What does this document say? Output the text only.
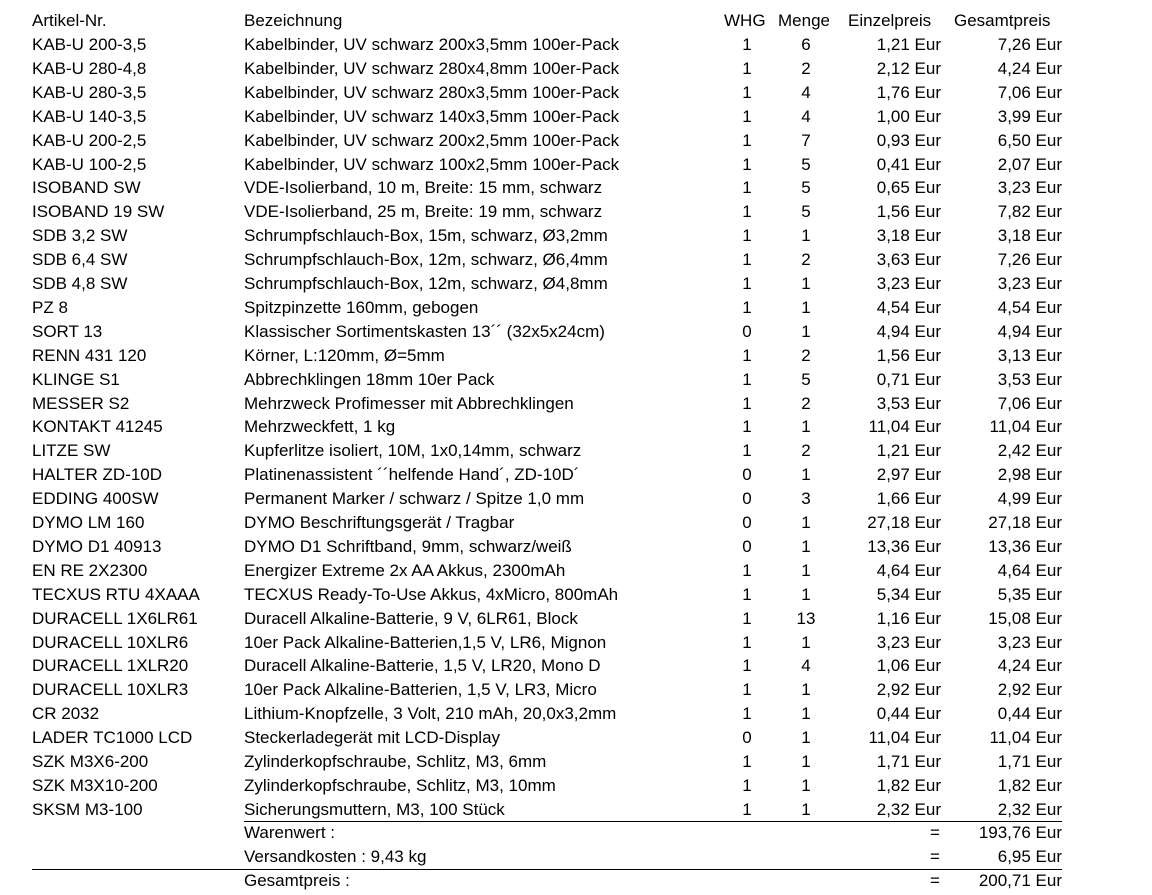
Artikel-Nr.	Bezeichnung	WHG Menge Einzelpreis Gesamtpreis
KAB-U 200-3,5	Kabelbinder, UV schwarz 200x3,5mm 100er-Pack	1	6	1,21 Eur	7,26 Eur
KAB-U 280-4,8	Kabelbinder, UV schwarz 280x4,8mm 100er-Pack	1	2	2,12 Eur	4,24 Eur
KAB-U 280-3,5	Kabelbinder, UV schwarz 280x3,5mm 100er-Pack	1	4	1,76 Eur	7,06 Eur
KAB-U 140-3,5	Kabelbinder, UV schwarz 140x3,5mm 100er-Pack	1	4	1,00 Eur	3,99 Eur
KAB-U 200-2,5	Kabelbinder, UV schwarz 200x2,5mm 100er-Pack	1	7	0,93 Eur	6,50 Eur
KAB-U 100-2,5	Kabelbinder, UV schwarz 100x2,5mm 100er-Pack	1	5	0,41 Eur	2,07 Eur
ISOBAND SW	VDE-Isolierband, 10 m, Breite: 15 mm, schwarz	1	5	0,65 Eur	3,23 Eur
ISOBAND 19 SW	VDE-Isolierband, 25 m, Breite: 19 mm, schwarz	1	5	1,56 Eur	7,82 Eur
SDB 3,2 SW	Schrumpfschlauch-Box, 15m, schwarz, Ø3,2mm	1	1	3,18 Eur	3,18 Eur
SDB 6,4 SW	Schrumpfschlauch-Box, 12m, schwarz, Ø6,4mm	1	2	3,63 Eur	7,26 Eur
SDB 4,8 SW	Schrumpfschlauch-Box, 12m, schwarz, Ø4,8mm	1	1	3,23 Eur	3,23 Eur
PZ 8	Spitzpinzette 160mm, gebogen	1	1	4,54 Eur	4,54 Eur
SORT 13	Klassischer Sortimentskasten 13´´ (32x5x24cm)	0	1	4,94 Eur	4,94 Eur
RENN 431 120	Körner, L:120mm, Ø=5mm	1	2	1,56 Eur	3,13 Eur
KLINGE S1	Abbrechklingen 18mm 10er Pack	1	5	0,71 Eur	3,53 Eur
MESSER S2	Mehrzweck Profimesser mit Abbrechklingen	1	2	3,53 Eur	7,06 Eur
KONTAKT 41245	Mehrzweckfett, 1 kg	1	1	11,04 Eur	11,04 Eur
LITZE SW	Kupferlitze isoliert, 10M, 1x0,14mm, schwarz	1	2	1,21 Eur	2,42 Eur
HALTER ZD-10D	Platinenassistent ´´helfende Hand´, ZD-10D´	0	1	2,97 Eur	2,98 Eur
EDDING 400SW	Permanent Marker / schwarz / Spitze 1,0 mm	0	3	1,66 Eur	4,99 Eur
DYMO LM 160	DYMO Beschriftungsgerät / Tragbar	0	1	27,18 Eur	27,18 Eur
DYMO D1 40913	DYMO D1 Schriftband, 9mm, schwarz/weiß	0	1	13,36 Eur	13,36 Eur
EN RE 2X2300	Energizer Extreme 2x AA Akkus, 2300mAh	1	1	4,64 Eur	4,64 Eur
TECXUS RTU 4XAAA	TECXUS Ready-To-Use Akkus, 4xMicro, 800mAh	1	1	5,34 Eur	5,35 Eur
DURACELL 1X6LR61	Duracell Alkaline-Batterie, 9 V, 6LR61, Block	1	13	1,16 Eur	15,08 Eur
DURACELL 10XLR6	10er Pack Alkaline-Batterien,1,5 V, LR6, Mignon	1	1	3,23 Eur	3,23 Eur
DURACELL 1XLR20	Duracell Alkaline-Batterie, 1,5 V, LR20, Mono D	1	4	1,06 Eur	4,24 Eur
DURACELL 10XLR3	10er Pack Alkaline-Batterien, 1,5 V, LR3, Micro	1	1	2,92 Eur	2,92 Eur
CR 2032	Lithium-Knopfzelle, 3 Volt, 210 mAh, 20,0x3,2mm	1	1	0,44 Eur	0,44 Eur
LADER TC1000 LCD	Steckerladegerät mit LCD-Display	0	1	11,04 Eur	11,04 Eur
SZK M3X6-200	Zylinderkopfschraube, Schlitz, M3, 6mm	1	1	1,71 Eur	1,71 Eur
SZK M3X10-200	Zylinderkopfschraube, Schlitz, M3, 10mm	1	1	1,82 Eur	1,82 Eur
SKSM M3-100	Sicherungsmuttern, M3, 100 Stück	1	1	2,32 Eur	2,32 Eur
Warenwert :	= 193,76 Eur
Versandkosten : 9,43 kg	=	6,95 Eur
Gesamtpreis :	= 200,71 Eur
